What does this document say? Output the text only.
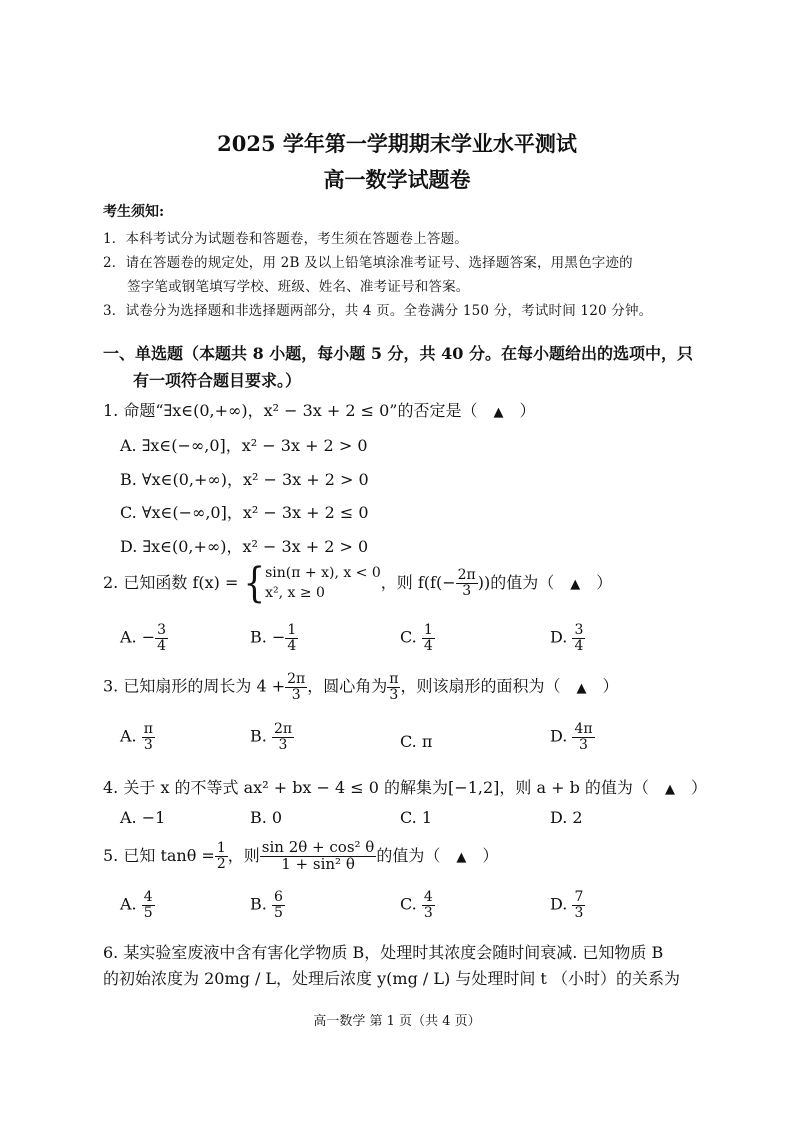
2025 学年第一学期期末学业水平测试
高一数学试题卷
考生须知:
1．本科考试分为试题卷和答题卷，考生须在答题卷上答题。
2．请在答题卷的规定处，用 2B 及以上铅笔填涂准考证号、选择题答案，用黑色字迹的
签字笔或钢笔填写学校、班级、姓名、准考证号和答案。
3．试卷分为选择题和非选择题两部分，共 4 页。全卷满分 150 分，考试时间 120 分钟。
一、单选题（本题共 8 小题，每小题 5 分，共 40 分。在每小题给出的选项中，只
有一项符合题目要求。）
1. 命题“∃x∈(0,+∞)，x² − 3x + 2 ≤ 0”的否定是（ ▲ ）
A. ∃x∈(−∞,0]，x² − 3x + 2 > 0
B. ∀x∈(0,+∞)，x² − 3x + 2 > 0
C. ∀x∈(−∞,0]，x² − 3x + 2 ≤ 0
D. ∃x∈(0,+∞)，x² − 3x + 2 > 0
2. 已知函数 f(x) = { sin(π + x), x < 0
x², x ≥ 0
，则 $f(f(- \frac{2\pi}{3}$ ))的值为（ ▲ ）
A. − $\frac{3}{4}$	B. − $\frac{1}{4}$	C. $\frac{1}{4}$	D. $\frac{3}{4}$
3. 已知扇形的周长为 $4 + \frac{2\pi}{3}$ ，圆心角为 $\frac{\pi}{3}$ ，则该扇形的面积为（ ▲ ）
A. $\frac{\pi}{3}$	B. $\frac{2\pi}{3}$	C. π	D. $\frac{4\pi}{3}$
4. 关于 x 的不等式 ax² + bx − 4 ≤ 0 的解集为[−1,2]，则 a + b 的值为（ ▲ ）
A. −1	B. 0	C. 1	D. 2
5. 已知 $\tan\theta = \frac{1}{2}$ ，则 $\frac{\text{sin 2θ + cos² θ}}{\text{1 + sin² θ}}$ 的值为（ ▲ ）
A. $\frac{4}{5}$	B. $\frac{6}{5}$	C. $\frac{4}{3}$	D. $\frac{7}{3}$
6. 某实验室废液中含有害化学物质 B，处理时其浓度会随时间衰减. 已知物质 B
的初始浓度为 20mg / L，处理后浓度 y(mg / L) 与处理时间 t （小时）的关系为
高一数学 第 1 页（共 4 页）
